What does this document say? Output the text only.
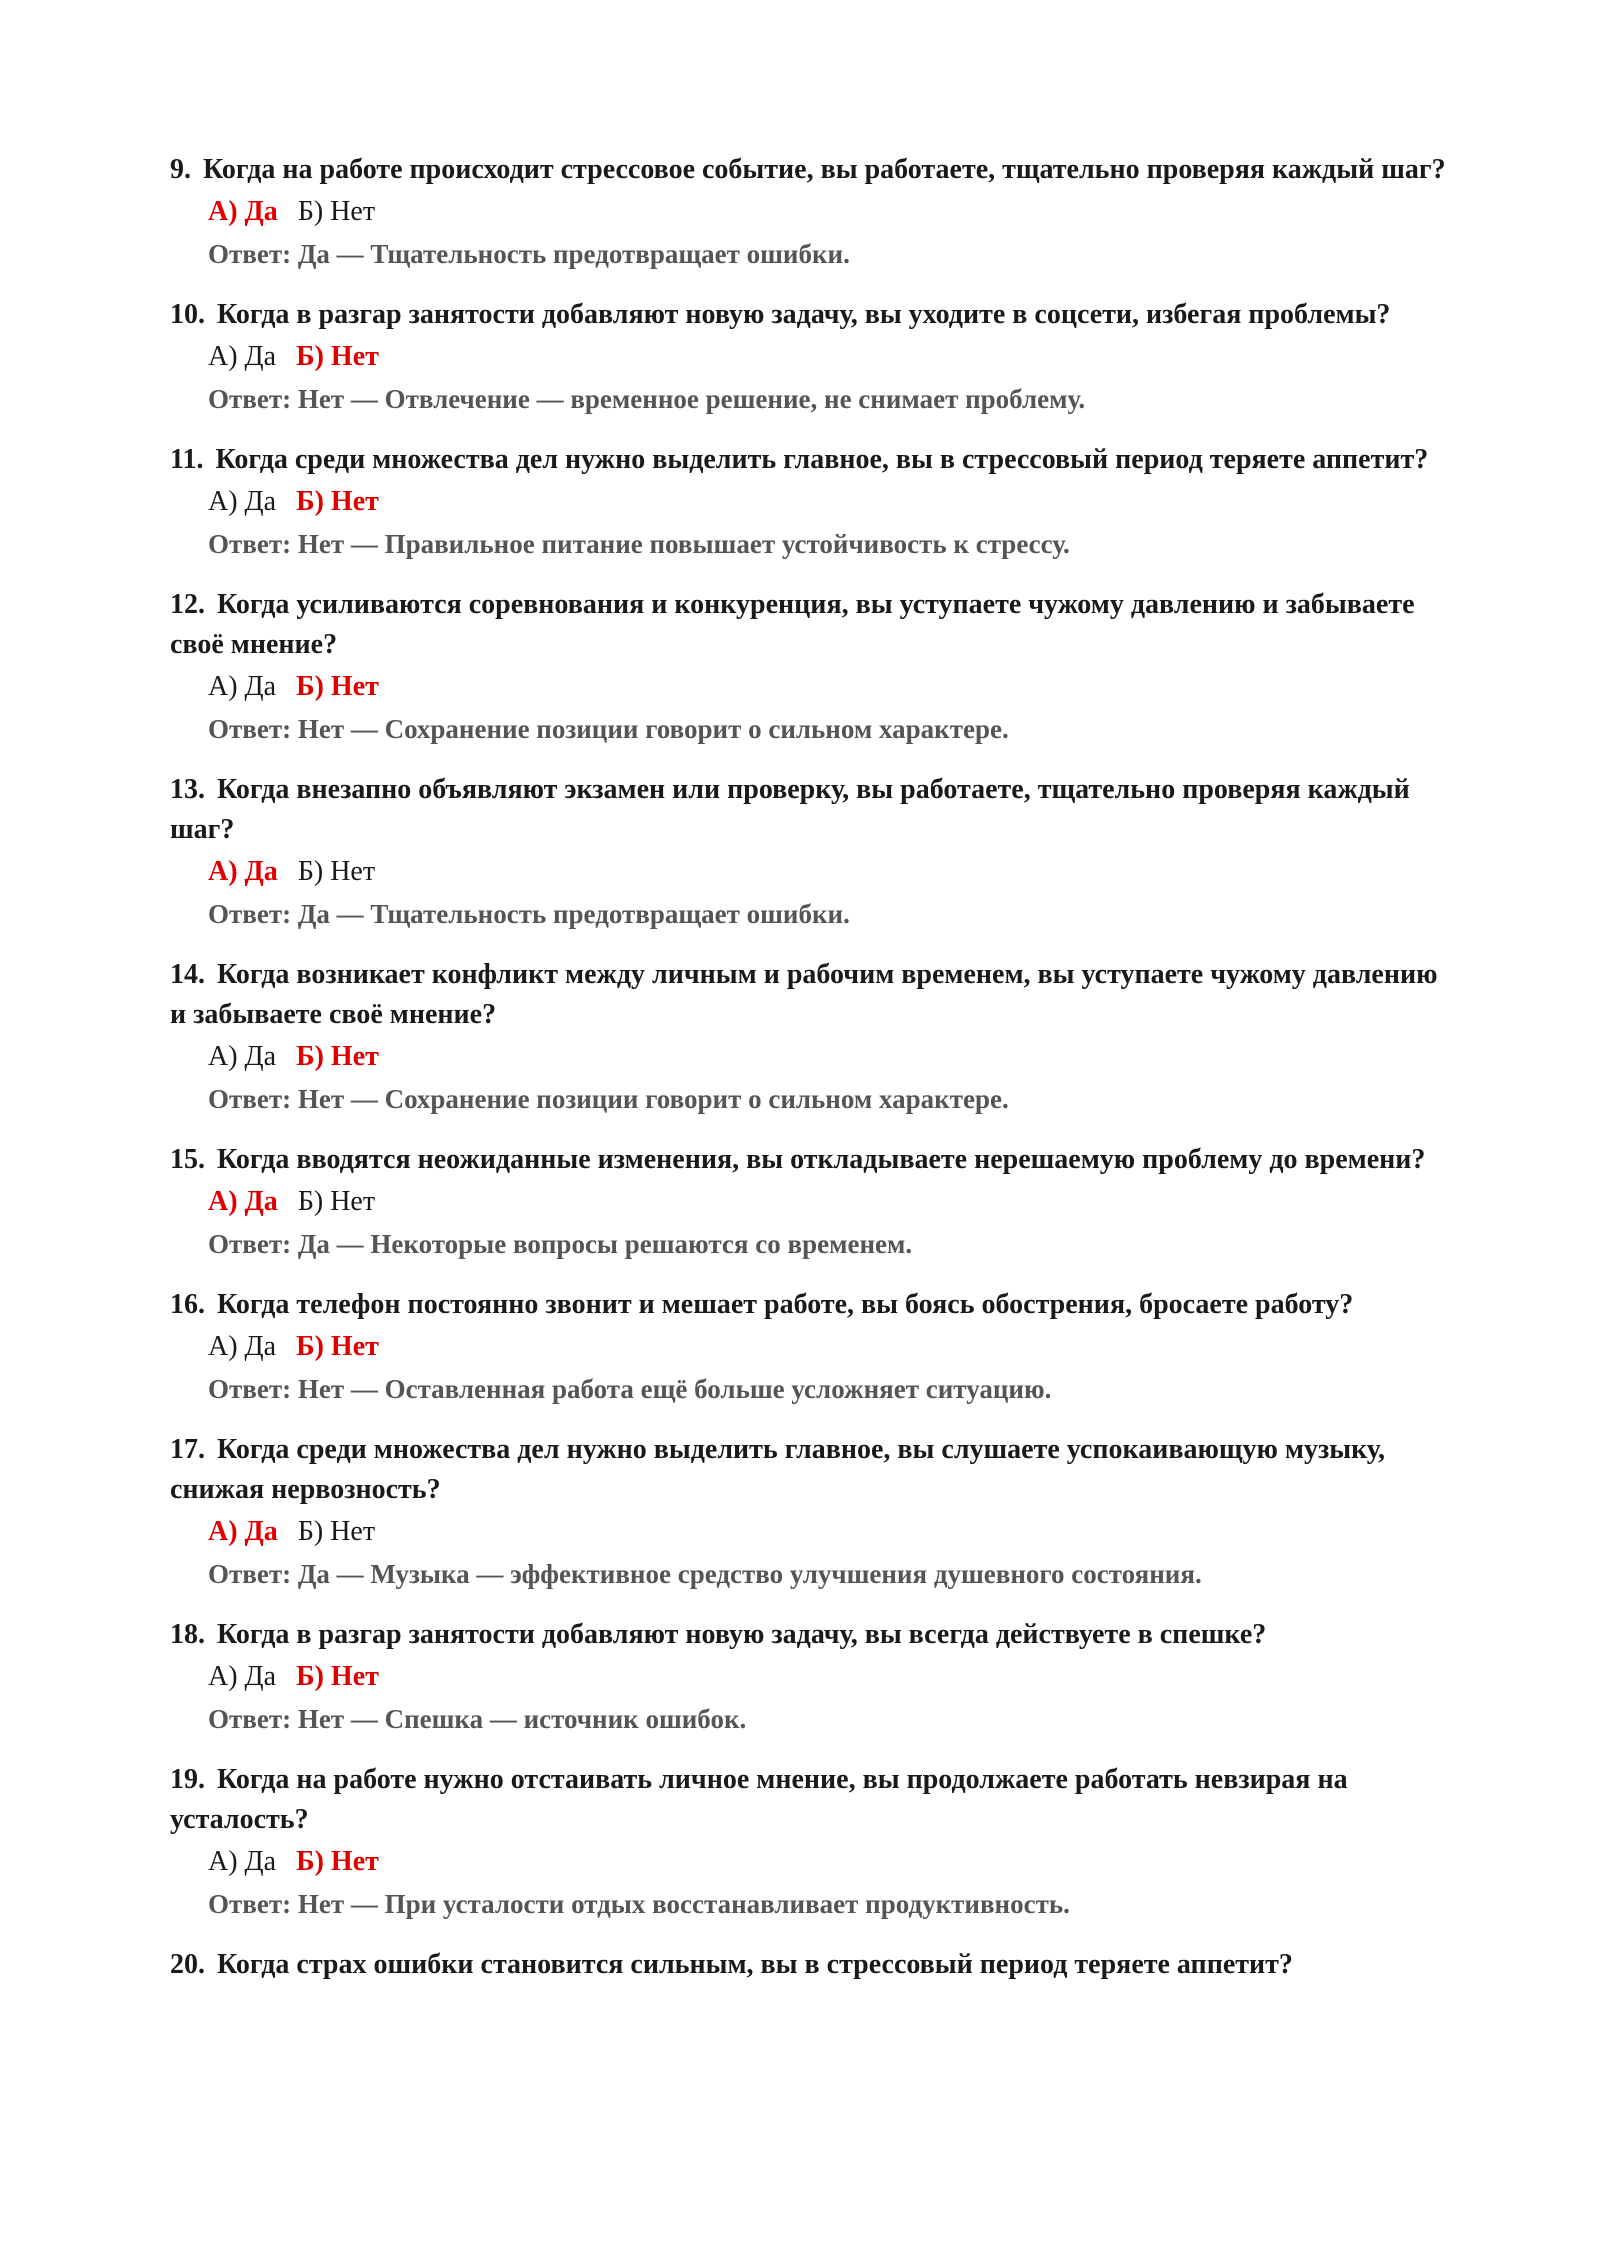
9. Когда на работе происходит стрессовое событие, вы работаете, тщательно проверяя каждый шаг?

А) Да Б) Нет
Ответ: Да — Тщательность предотвращает ошибки.

10. Когда в разгар занятости добавляют новую задачу, вы уходите в соцсети, избегая проблемы?

А) Да Б) Нет
Ответ: Нет — Отвлечение — временное решение, не снимает проблему.

11. Когда среди множества дел нужно выделить главное, вы в стрессовый период теряете аппетит?

А) Да Б) Нет
Ответ: Нет — Правильное питание повышает устойчивость к стрессу.

12. Когда усиливаются соревнования и конкуренция, вы уступаете чужому давлению и забываете своё мнение?

А) Да Б) Нет
Ответ: Нет — Сохранение позиции говорит о сильном характере.

13. Когда внезапно объявляют экзамен или проверку, вы работаете, тщательно проверяя каждый шаг?

А) Да Б) Нет
Ответ: Да — Тщательность предотвращает ошибки.

14. Когда возникает конфликт между личным и рабочим временем, вы уступаете чужому давлению и забываете своё мнение?

А) Да Б) Нет
Ответ: Нет — Сохранение позиции говорит о сильном характере.

15. Когда вводятся неожиданные изменения, вы откладываете нерешаемую проблему до времени?

А) Да Б) Нет
Ответ: Да — Некоторые вопросы решаются со временем.

16. Когда телефон постоянно звонит и мешает работе, вы боясь обострения, бросаете работу?

А) Да Б) Нет
Ответ: Нет — Оставленная работа ещё больше усложняет ситуацию.

17. Когда среди множества дел нужно выделить главное, вы слушаете успокаивающую музыку, снижая нервозность?

А) Да Б) Нет
Ответ: Да — Музыка — эффективное средство улучшения душевного состояния.

18. Когда в разгар занятости добавляют новую задачу, вы всегда действуете в спешке?

А) Да Б) Нет
Ответ: Нет — Спешка — источник ошибок.

19. Когда на работе нужно отстаивать личное мнение, вы продолжаете работать невзирая на усталость?

А) Да Б) Нет
Ответ: Нет — При усталости отдых восстанавливает продуктивность.

20. Когда страх ошибки становится сильным, вы в стрессовый период теряете аппетит?
